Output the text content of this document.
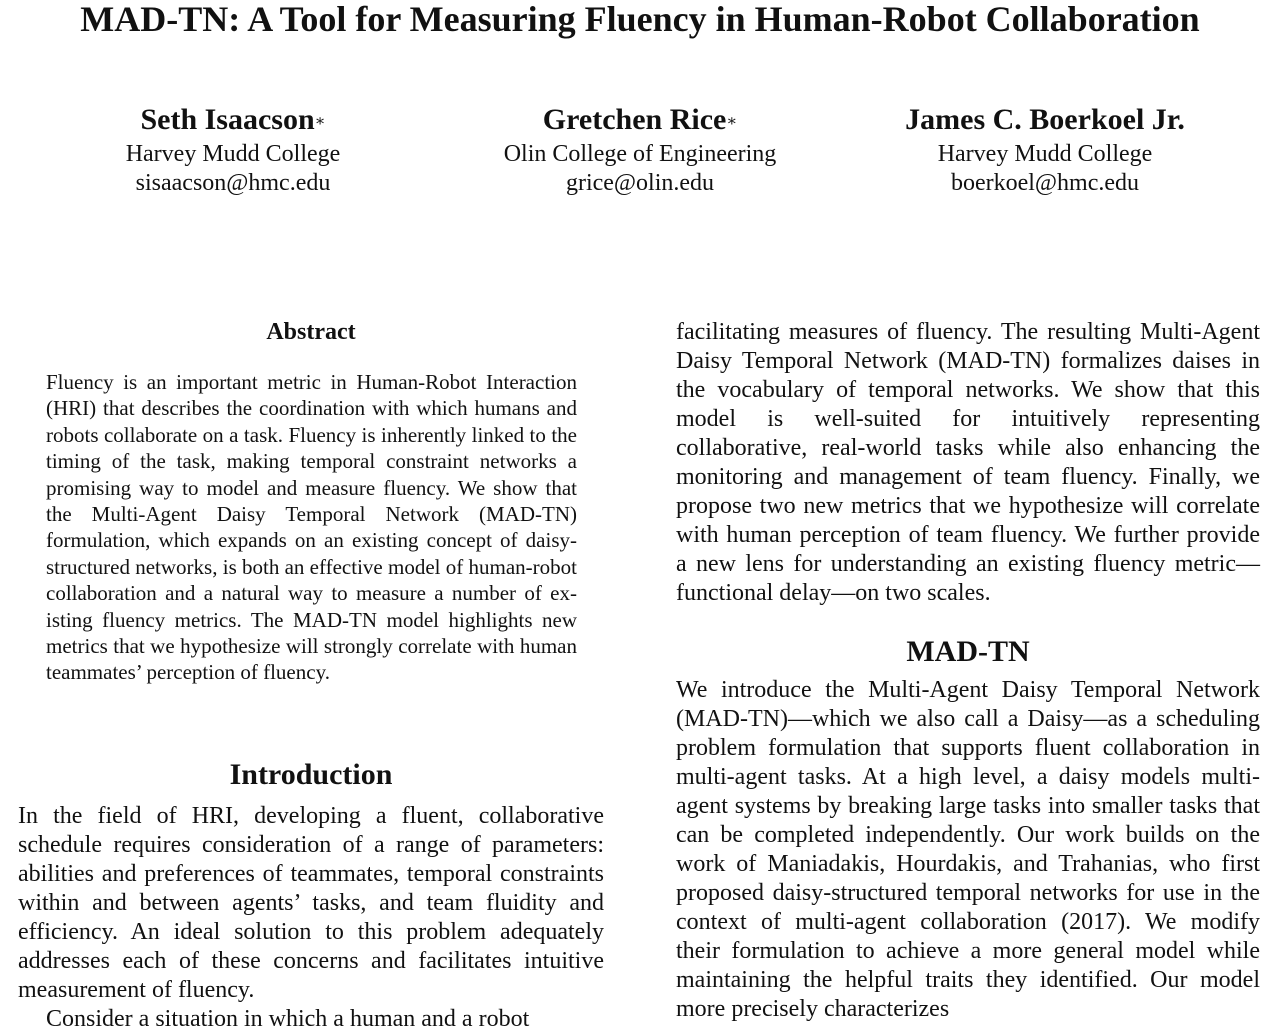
MAD-TN: A Tool for Measuring Fluency in Human-Robot Collaboration
Seth Isaacson∗
Harvey Mudd College
sisaacson@hmc.edu
Gretchen Rice∗
Olin College of Engineering
grice@olin.edu
James C. Boerkoel Jr.
Harvey Mudd College
boerkoel@hmc.edu
Abstract
Fluency is an important metric in Human-Robot Interaction (HRI) that describes the coordination with which humans and robots collaborate on a task. Fluency is inherently linked to the timing of the task, making temporal constraint networks a promising way to model and measure fluency. We show that the Multi-Agent Daisy Temporal Network (MAD-TN) formulation, which expands on an existing concept of daisy-structured networks, is both an effective model of human-robot collaboration and a natural way to measure a number of existing fluency metrics. The MAD-TN model highlights new metrics that we hypothesize will strongly correlate with human teammates’ perception of fluency.
Introduction

In the field of HRI, developing a fluent, collaborative schedule requires consideration of a range of parameters: abilities and preferences of teammates, temporal constraints within and between agents’ tasks, and team fluidity and efficiency. An ideal solution to this problem adequately addresses each of these concerns and facilitates intuitive measurement of fluency.

Consider a situation in which a human and a robot

facilitating measures of fluency. The resulting Multi-Agent Daisy Temporal Network (MAD-TN) formalizes daises in the vocabulary of temporal networks. We show that this model is well-suited for intuitively representing collaborative, real-world tasks while also enhancing the monitoring and management of team fluency. Finally, we propose two new metrics that we hypothesize will correlate with human perception of team fluency. We further provide a new lens for understanding an existing fluency metric—functional delay—on two scales.
MAD-TN
We introduce the Multi-Agent Daisy Temporal Network (MAD-TN)—which we also call a Daisy—as a scheduling problem formulation that supports fluent collaboration in multi-agent tasks. At a high level, a daisy models multi-agent systems by breaking large tasks into smaller tasks that can be completed independently. Our work builds on the work of Maniadakis, Hourdakis, and Trahanias, who first proposed daisy-structured temporal networks for use in the context of multi-agent collaboration (2017). We modify their formulation to achieve a more general model while maintaining the helpful traits they identified. Our model more precisely characterizes
